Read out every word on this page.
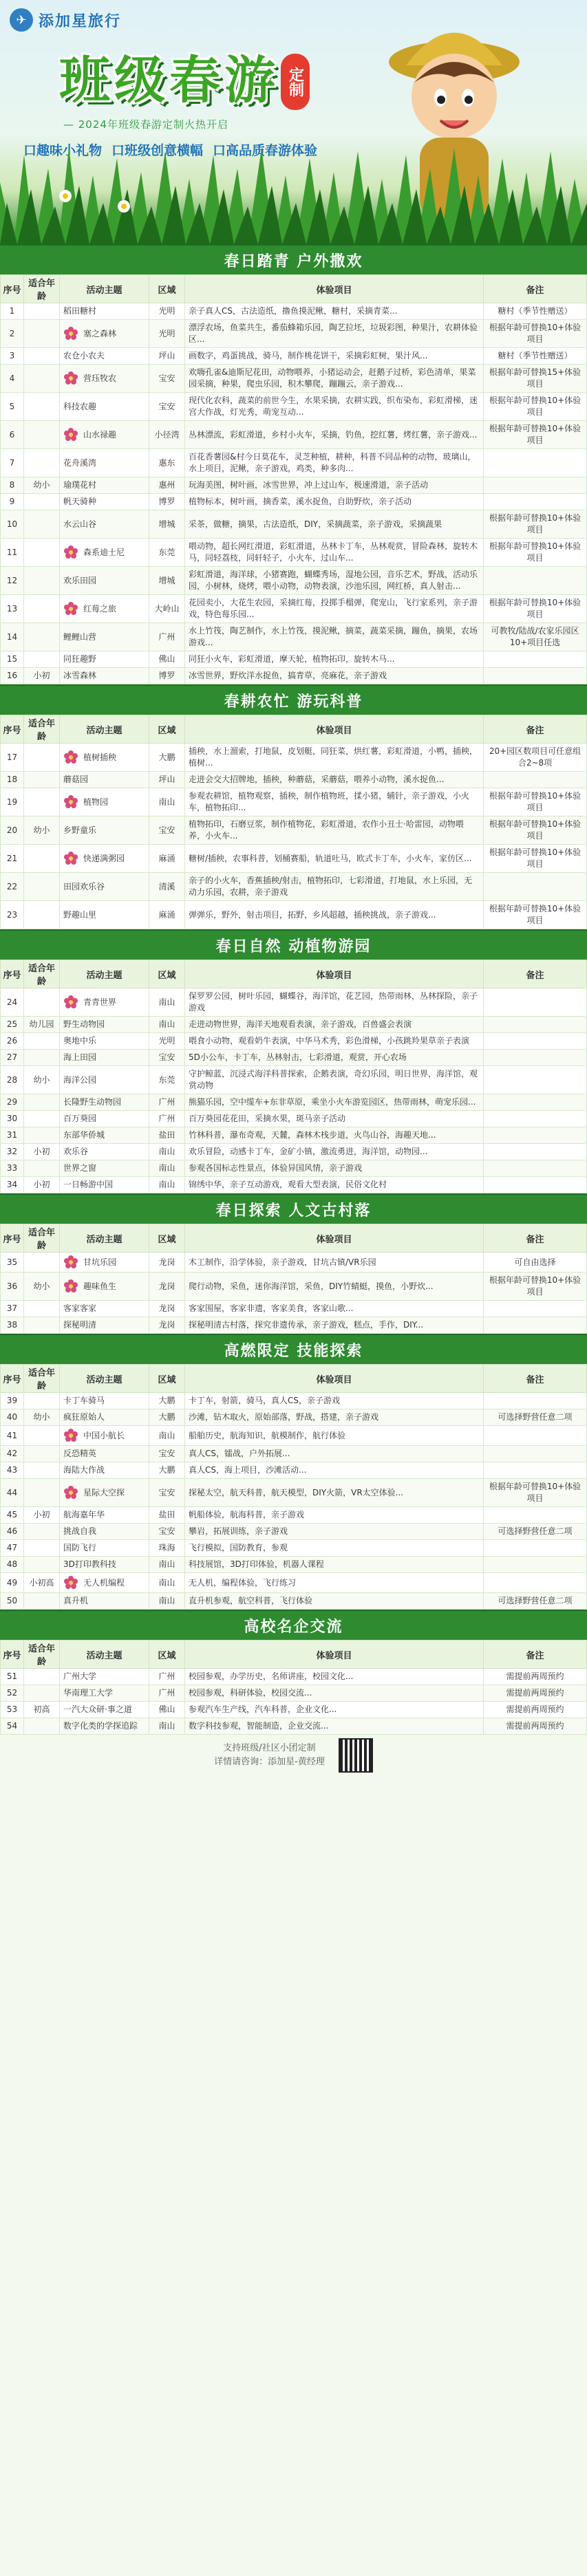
✈ 添加星旅行
班级春游 定制
— 2024年班级春游定制火热开启
口趣味小礼物 口班级创意横幅 口高品质春游体验
春日踏青 户外撒欢
序号	适合年龄	活动主题	区域	体验项目	备注
1		稻田糖村	光明	亲子真人CS，古法造纸，撸鱼摸泥鳅，糖村，采摘青菜...	糖村（季节性赠送）
2		塞之森林	光明	漂浮农场，鱼菜共生，番茄蜂箱乐园，陶艺拉坯，垃圾彩图，种果汁，农耕体验区...	根据年龄可替换10+体验项目
3		农仓小农夫	坪山	画数字，鸡蛋挑战，骑马，制作桃花饼干，采摘彩虹树，果汁风...	糖村（季节性赠送）
4		营珏牧农	宝安	欢嗨孔雀&迪斯尼花田，动物喂养，小猪运动会，赶鹅子过桥，彩色清单，果菜园采摘，种果，爬虫乐园，积木攀爬，蹦蹦云，亲子游戏...	根据年龄可替换15+体验项目
5		科技农趣	宝安	现代化农科，蔬菜的前世今生，水果采摘，农耕实践，织布染布，彩虹滑梯，迷宫大作战，灯光秀，萌宠互动...	根据年龄可替换10+体验项目
6		山水禄趣	小径湾	丛林漂流，彩虹滑道，乡村小火车，采摘，钓鱼，挖红薯，烤红薯，亲子游戏...	根据年龄可替换10+体验项目
7		花舟溪湾	惠东	百花香薯园&村今日莫花车，灵芝种植，耕种，科普不同品种的动物，玻璃山，水上项目，泥鳅，亲子游戏，鸡类，种多肉...	
8	幼小	瑜璞花村	惠州	玩海美图，树叶画，冰雪世界，冲上过山车，极速滑道，亲子活动	
9		帆天骑种	博罗	植物标本，树叶画，摘香菜，溪水捉鱼，自助野炊，亲子活动	
10		水云山谷	增城	采茶，做糖，摘果，古法造纸，DIY，采摘蔬菜，亲子游戏，采摘蔬果	根据年龄可替换10+体验项目
11		森系迪士尼	东莞	喂动物，超长网红滑道，彩虹滑道，丛林卡丁车，丛林观赏，冒险森林，旋转木马，同轻荔枝，同轩轻子，小火车，过山车...	根据年龄可替换10+体验项目
12		欢乐田园	增城	彩虹滑道，海洋球，小猪赛跑，蝴蝶秀场，湿地公园，音乐艺术，野战，活动乐园，小树林，烧烤，喂小动物，动物表演，沙池乐园，网红桥，真人射击...	
13		红莓之旅	大岭山	花园卖小，大花生农园，采摘红莓，投掷手榴弹，爬宠山，飞行家系列，亲子游戏，特色莓乐园...	根据年龄可替换10+体验项目
14		鲤鲤山营	广州	水上竹筏，陶艺制作，水上竹筏，摸泥鳅，摘菜，蔬菜采摘，蹦鱼，摘果，农场游戏...	可教牧/陆战/农家乐园区10+项目任选
15		同狂趣野	佛山	同狂小火车，彩虹滑道，摩天轮，植物拓印，旋转木马...	
16	小初	冰雪森林	博罗	冰雪世界，野炊洋水捉鱼，搞青草，亮麻花，亲子游戏	
春耕农忙 游玩科普
序号	适合年龄	活动主题	区域	体验项目	备注
17		植树插秧	大鹏	插秧，水上溜索，打地鼠，皮划艇，同狂菜，烘红薯，彩虹滑道，小鸭，插秧，植树...	20+园区数项目可任意组合2~8项
18		蘑菇园	坪山	走进会交大招牌地，插秧，种蘑菇，采蘑菇，喂养小动物，溪水捉鱼...	
19		植物园	南山	参观农耕馆，植物观察，插秧，制作植物班，揉小猪，辅针，亲子游戏，小火车，植物拓印...	根据年龄可替换10+体验项目
20	幼小	乡野童乐	宝安	植物拓印，石磨豆浆，制作植物花，彩虹滑道，农作小丑士·哈雷园，动物喂养，小火车...	根据年龄可替换10+体验项目
21		快递满粥园	麻涌	糖树/插秧，农事科普，划桶赛船，轨道吐马，欧式卡丁车，小火车，家仿区...	根据年龄可替换10+体验项目
22		田园欢乐谷	清溪	亲子的小火车，香蕉插秧/射击，植物拓印，七彩滑道，打地鼠，水上乐园，无动力乐园，农耕，亲子游戏	
23		野趣山里	麻涌	弹弹乐，野外，射击项目，拓野，乡风超越，插秧挑战，亲子游戏...	根据年龄可替换10+体验项目
春日自然 动植物游园
序号	适合年龄	活动主题	区域	体验项目	备注
24		青青世界	南山	保罗罗公园，树叶乐园，蝴蝶谷，海洋馆，花艺园，热带雨林，丛林探险，亲子游戏	
25	幼儿园	野生动物园	南山	走进动物世界，海洋天地观看表演，亲子游戏，百兽盛会表演	
26		奥地中乐	光明	喂食小动物，观看奶牛表演，中华马术秀，彩色滑梯，小孩跳羚果草亲子表演	
27		海上田园	宝安	5D小公车，卡丁车，丛林射击，七彩滑道，观赏，开心农场	
28	幼小	海洋公园	东莞	守护鲸蓝，沉浸式海洋科普探索，企鹅表演，奇幻乐园，明日世界，海洋馆，观赏动物	
29		长隆野生动物园	广州	熊猫乐园，空中缆车+东非草原，乘坐小火车游览园区，热带雨林，萌宠乐园...	
30		百万葵园	广州	百万葵园花花田，采摘水果，斑马亲子活动	
31		东部华侨城	盐田	竹林科普，瀑布奇观，天麓，森林木栈步道，火鸟山谷，海趣天地...	
32	小初	欢乐谷	南山	欢乐冒险，动感卡丁车，金矿小镇，激流勇进，海洋馆，动物园...	
33		世界之窗	南山	参观各国标志性景点，体验异国风情，亲子游戏	
34	小初	一日畅游中国	南山	锦绣中华，亲子互动游戏，观看大型表演，民俗文化村	
春日探索 人文古村落
序号	适合年龄	活动主题	区域	体验项目	备注
35		甘坑乐园	龙岗	木工制作，沿学体验，亲子游戏，甘坑古镇/VR乐园	可自由选择
36	幼小	趣味鱼生	龙岗	爬行动物，采鱼，迷你海洋馆，采鱼，DIY竹蜻蜓，摸鱼，小野炊...	根据年龄可替换10+体验项目
37		客家客家	龙岗	客家围屋，客家非遗，客家美食，客家山歌...	
38		探秘明清	龙岗	探秘明清古村落，探究非遗传承，亲子游戏，糕点，手作，DIY...	
高燃限定 技能探索
序号	适合年龄	活动主题	区域	体验项目	备注
39		卡丁车骑马	大鹏	卡丁车，射箭，骑马，真人CS，亲子游戏	
40	幼小	疯狂原始人	大鹏	沙滩，钻木取火，原始部落，野战，搭建，亲子游戏	可选择野营任意二项
41		中国小航长	南山	船舶历史，航海知识，航模制作，航行体验	
42		反恐精英	宝安	真人CS，镭战，户外拓展...	
43		海陆大作战	大鹏	真人CS，海上项目，沙滩活动...	
44		星际大空探	宝安	探秘太空，航天科普，航天模型，DIY火箭，VR太空体验...	根据年龄可替换10+体验项目
45	小初	航海嘉年华	盐田	帆船体验，航海科普，亲子游戏	
46		挑战自我	宝安	攀岩，拓展训练，亲子游戏	可选择野营任意二项
47		国防飞行	珠海	飞行模拟，国防教育，参观	
48		3D打印教科技	南山	科技展馆，3D打印体验，机器人课程	
49	小初高	无人机编程	南山	无人机，编程体验，飞行练习	
50		真升机	南山	直升机参观，航空科普，飞行体验	可选择野营任意二项
高校名企交流
序号	适合年龄	活动主题	区域	体验项目	备注
51		广州大学	广州	校园参观，办学历史，名师讲座，校园文化...	需提前两周预约
52		华南理工大学	广州	校园参观，科研体验，校园交流...	需提前两周预约
53	初高	一汽大众研·事之道	佛山	参观汽车生产线，汽车科普，企业文化...	需提前两周预约
54		数字化类的学探追踪	南山	数字科技参观，智能制造，企业交流...	需提前两周预约
支持班级/社区小团定制
详情请咨询：添加星-黄经理
